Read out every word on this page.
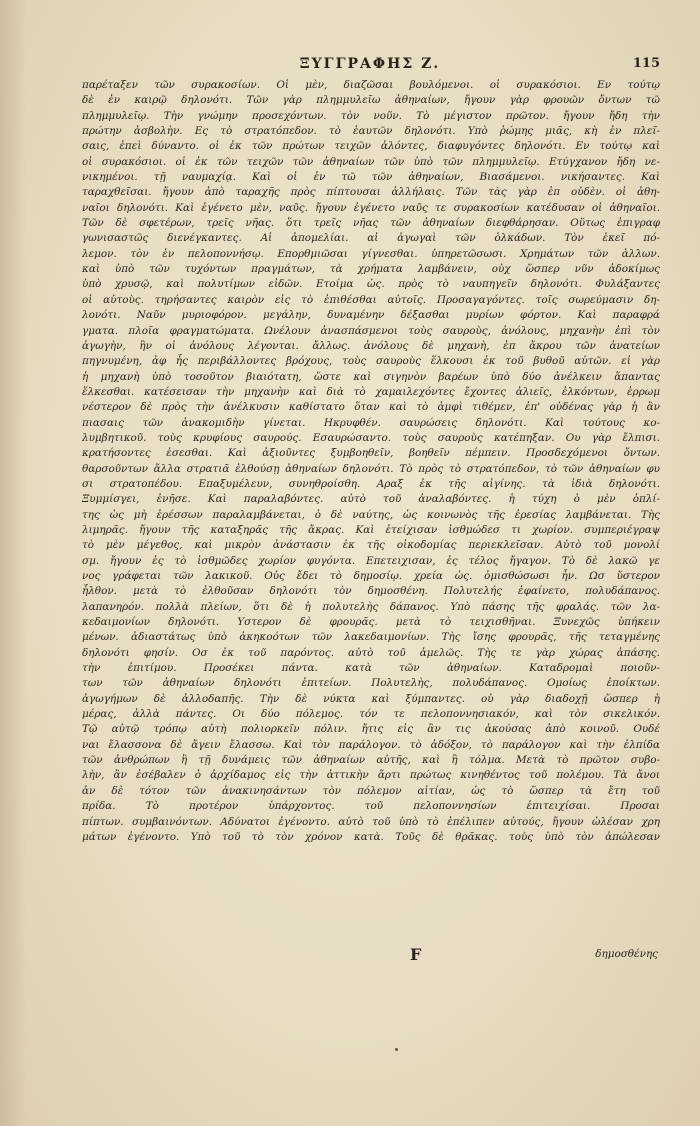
ΞΥΓΓΡΑΦΗΣ Ζ.	115
παρέταξεν τῶν συρακοσίων. Οἱ μὲν, διαζῶσαι βουλόμενοι. οἱ συρακόσιοι. Εν τούτῳ
δὲ ἐν καιρῷ δηλονότι. Τῶν γὰρ πλημμυλεῖω ἀθηναίων, ἤγουν γὰρ φρουῶν ὄντων τῶ
πλημμυλεῖῳ. Τὴν γνώμην προσεχόντων. τὸν νοῦν. Τὸ μέγιστον πρῶτον. ἤγουν ἤδη τὴν
πρώτην ἀσβολὴν. Ες τὸ στρατόπεδον. τὸ ἑαυτῶν δηλονότι. Υπὸ ῥώμης μιᾶς, κὴ ἐν πλεῖ-
σαις, ἐπεὶ δύναντο. οἱ ἐκ τῶν πρώτων τειχῶν ἁλόντες, διαφυγόντες δηλονότι. Εν τούτῳ καὶ
οἱ συρακόσιοι. οἱ ἐκ τῶν τειχῶν τῶν ἀθηναίων τῶν ὑπὸ τῶν πλημμυλεῖῳ. Ετύγχανον ἤδη νε-
νικημένοι. τῇ ναυμαχίᾳ. Καὶ οἱ ἐν τῶ τῶν ἀθηναίων, Βιασάμενοι. νικήσαντες. Καὶ
ταραχθεῖσαι. ἤγουν ἀπὸ ταραχῆς πρὸς πίπτουσαι ἀλλήλαις. Τῶν τὰς γὰρ ἐπ οὐδὲν. οἱ ἀθη-
ναῖοι δηλονότι. Καὶ ἐγένετο μὲν, ναῦς. ἤγουν ἐγένετο ναῦς τε συρακοσίων κατέδυσαν οἱ ἀθηναῖοι.
Τῶν δὲ σφετέρων, τρεῖς νῆας. ὅτι τρεῖς νῆας τῶν ἀθηναίων διεφθάρησαν. Οὕτως ἐπιγραφ
γωνισαστῶς διενέγκαντες. Αἱ ἀπομελίαι. αἱ ἀγωγαὶ τῶν ὁλκάδων. Τὸν ἐκεῖ πό-
λεμον. τὸν ἐν πελοποννήσῳ. Επορθμιῶσαι γίγνεσθαι. ὑπηρετῶσωσι. Χρημάτων τῶν ἀλλων.
καὶ ὑπὸ τῶν τυχόντων πραγμάτων, τὰ χρήματα λαμβάνειν, οὐχ ὥσπερ νῦν ἀδοκίμως
ὑπὸ χρυσῷ, καὶ πολυτίμων εἰδῶν. Ετοίμα ὡς. πρὸς τὸ ναυπηγεῖν δηλονότι. Φυλάξαντες
οἱ αὐτοὺς. τηρήσαντες καιρὸν εἰς τὸ ἐπιθέσθαι αὐτοῖς. Προσαγαγόντες. τοῖς σωρεύμασιν δη-
λονότι. Ναῦν μυριοφόρον. μεγάλην, δυναμένην δέξασθαι μυρίων φόρτον. Καὶ παραφρά
γματα. πλοῖα φραγματώματα. Ωνέλουν ἀνασπάσμενοι τοὺς σαυροὺς, ἀνόλους, μηχανὴν ἐπὶ τὸν
ἀγωγὴν, ἣν οἱ ἀνόλους λέγονται. ἄλλως. ἀνόλους δὲ μηχανὴ, ἐπ ἄκρου τῶν ἀνατείων
πηγνυμένη, ἀφ ἧς περιβάλλοντες βρόχους, τοὺς σαυροὺς ἕλκουσι ἐκ τοῦ βυθοῦ αὐτῶν. εἰ γὰρ
ἡ μηχανὴ ὑπὸ τοσοῦτον βιαιότατη, ὥστε καὶ σιγηνὸν βαρέων ὑπὸ δύο ἀνέλκειν ἅπαντας
ἕλκεσθαι. κατέσεισαν τὴν μηχανὴν καὶ διὰ τὸ χαμαιλεχόντες ἔχοντες ἁλιεῖς, ἐλκόντων, ἐρρωμ
νέστερον δὲ πρὸς τὴν ἀνέλκυσιν καθίστατο ὅταν καὶ τὸ ἀμφὶ τιθέμεν, ἐπ' οὐδένας γὰρ ἡ ἂν
πιασαις τῶν ἀνακομιδὴν γίνεται. Ηκρυφθέν. σαυρώσεις δηλονότι. Καὶ τούτους κο-
λυμβητικοῦ. τοὺς κρυφίους σαυρούς. Εσαυρώσαντο. τοὺς σαυροὺς κατέπηξαν. Ου γὰρ ἔλπισι.
κρατήσοντες ἐσεσθαι. Καὶ ἀξιοῦντες ξυμβοηθεῖν, βοηθεῖν πέμπειν. Προσδεχόμενοι ὄντων.
θαρσοῦντων ἄλλα στρατιᾶ ἐλθούσῃ ἀθηναίων δηλονότι. Τὸ πρὸς τὸ στρατόπεδον, τὸ τῶν ἀθηναίων φυ
σι στρατοπέδου. Επαξυμέλευν, συνηθροίσθη. Αραξ ἐκ τῆς αἰγίνης. τὰ ἰδιὰ δηλονότι.
Ξυμμίσγει, ἐνῆσε. Καὶ παραλαβόντες. αὐτὸ τοῦ ἀναλαβόντες. ἡ τύχη ὁ μὲν ὁπλί-
της ὡς μὴ ἐρέσσων παραλαμβάνεται, ὁ δὲ ναύτης, ὡς κοινωνὸς τῆς ἐρεσίας λαμβάνεται. Τὴς
λιμηρᾶς. ἤγουν τῆς καταξηρᾶς τῆς ἄκρας. Καὶ ἐτείχισαν ἰσθμώδεσ τι χωρίον. συμπεριέγραψ
τὸ μὲν μέγεθος, καὶ μικρὸν ἀνάστασιν ἐκ τῆς οἰκοδομίας περιεκλεῖσαν. Αὐτὸ τοῦ μονολί
σμ. ἤγουν ἐς τὸ ἰσθμῶδες χωρίον φυγόντα. Επετειχισαν, ἐς τέλος ἤγαγον. Τὸ δὲ λακῶ γε
νος γράφεται τῶν λακικοῦ. Οὐς ἔδει τὸ δημοσίῳ. χρεία ὡς. ὀμισθώσωσι ἦν. Ωσ ὕστερον
ἦλθον. μετὰ τὸ ἐλθοῦσαν δηλονότι τὸν δημοσθένη. Πολυτελής ἐφαίνετο, πολυδάπανος.
λαπανηρόν. πολλὰ πλείων, ὅτι δὲ ἡ πολυτελὴς δάπανος. Υπὸ πάσης τῆς φραλάς. τῶν λα-
κεδαιμονίων δηλονότι. Υστερον δὲ φρουρᾶς. μετὰ τὸ τειχισθῆναι. Ξυνεχῶς ὑπήκειν
μένων. ἀδιαστάτως ὑπὸ ἀκηκοότων τῶν λακεδαιμονίων. Τὴς ἴσης φρουρᾶς, τῆς τεταγμένης
δηλονότι φησίν. Οσ ἐκ τοῦ παρόντος. αὐτὸ τοῦ ἀμελῶς. Τὴς τε γὰρ χώρας ἁπάσης.
τὴν ἐπιτίμου. Προσέκει πάντα. κατὰ τῶν ἀθηναίων. Καταδρομαὶ ποιοῦν-
των τῶν ἀθηναίων δηλονότι ἐπιτείων. Πολυτελὴς, πολυδάπανος. Ομοίως ἐποίκτων.
ἀγωγήμων δὲ ἀλλοδαπῆς. Τὴν δὲ νύκτα καὶ ξύμπαντες. οὐ γὰρ διαδοχῇ ὥσπερ ἡ
μέρας, ἀλλὰ πάντες. Οι δύο πόλεμος. τόν τε πελοποννησιακόν, καὶ τὸν σικελικόν.
Τῷ αὐτῷ τρόπῳ αὐτὴ πολιορκεῖν πόλιν. ἤτις εἰς ἂν τις ἀκούσας ἀπὸ κοινοῦ. Ουδέ
ναι ἔλασσονα δὲ ἄγειν ἔλασσω. Καὶ τὸν παράλογον. τὸ ἀδόξον, τὸ παράλογον καὶ τὴν ἐλπίδα
τῶν ἀνθρώπων ἢ τῇ δυνάμεις τῶν ἀθηναίων αὐτῆς, καὶ ἢ τόλμα. Μετὰ τὸ πρῶτον συβο-
λὴν, ἂν ἐσέβαλεν ὁ ἀρχίδαμος εἰς τὴν ἀττικὴν ἄρτι πρώτως κινηθέντος τοῦ πολέμου. Τὰ ἄνοι
ἀν δὲ τότον τῶν ἀνακινησάντων τὸν πόλεμον αἰτίαν, ὡς τὸ ὥσπερ τὰ ἔτη τοῦ
πρίδα. Τὸ προτέρον ὑπάρχοντος. τοῦ πελοποννησίων ἐπιτειχίσαι. Προσαι
πίπτων. συμβαινόντων. Αδύνατοι ἐγένοντο. αὐτὸ τοῦ ὑπὸ τὸ ἐπέλιπεν αὐτούς, ἤγουν ὠλέσαν χρη
μάτων ἐγένοντο. Υπὸ τοῦ τὸ τὸν χρόνον κατὰ. Τοῦς δὲ θρᾶκας. τοὺς ὑπὸ τὸν ἀπώλεσαν
F	δημοσθένης
